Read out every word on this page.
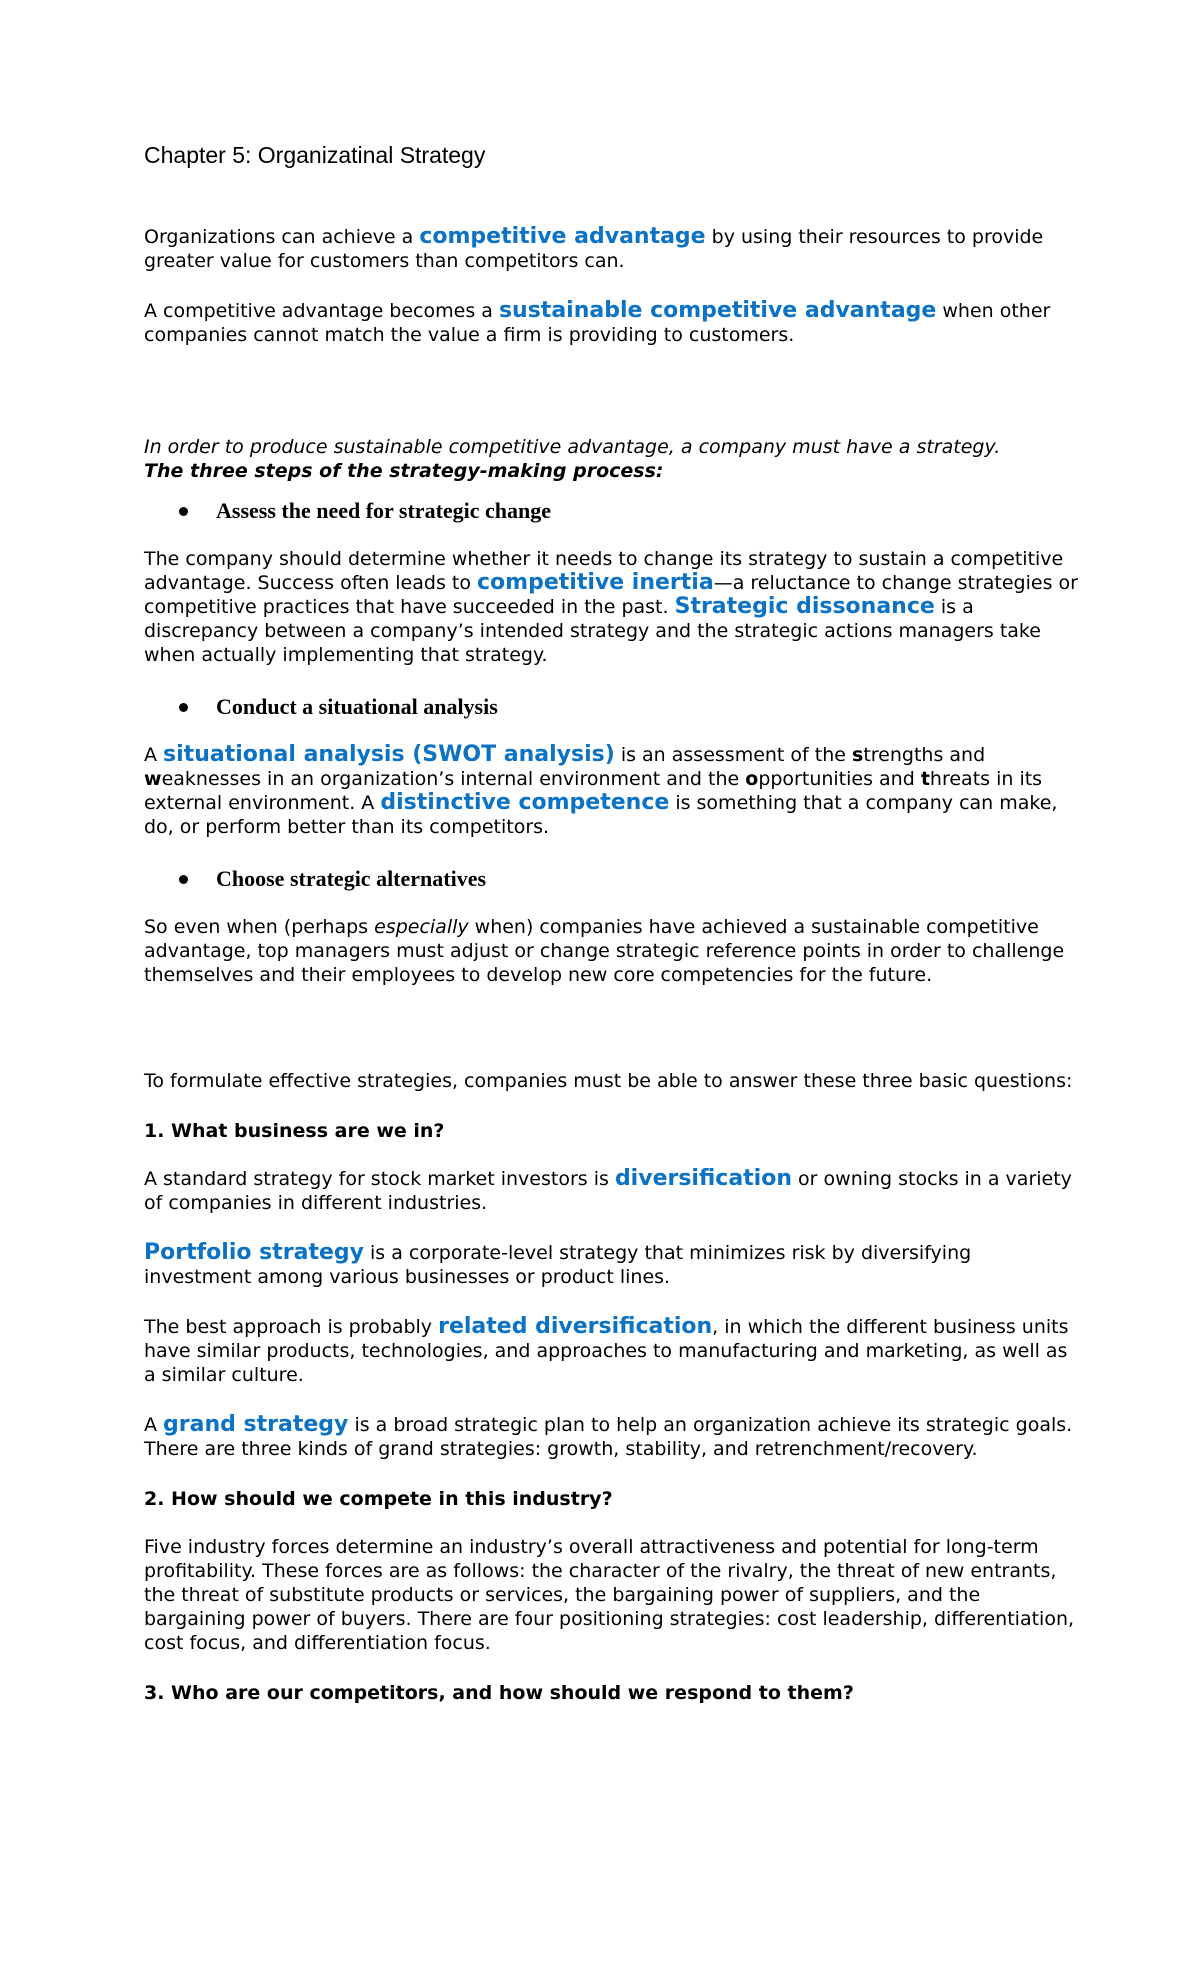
Chapter 5: Organizatinal Strategy

Organizations can achieve a competitive advantage by using their resources to provide greater value for customers than competitors can.

A competitive advantage becomes a sustainable competitive advantage when other companies cannot match the value a firm is providing to customers.

In order to produce sustainable competitive advantage, a company must have a strategy.
The three steps of the strategy-making process:

Assess the need for strategic change

The company should determine whether it needs to change its strategy to sustain a competitive advantage. Success often leads to competitive inertia—a reluctance to change strategies or competitive practices that have succeeded in the past. Strategic dissonance is a discrepancy between a company’s intended strategy and the strategic actions managers take when actually implementing that strategy.

Conduct a situational analysis

A situational analysis (SWOT analysis) is an assessment of the strengths and weaknesses in an organization’s internal environment and the opportunities and threats in its external environment. A distinctive competence is something that a company can make, do, or perform better than its competitors.

Choose strategic alternatives

So even when (perhaps especially when) companies have achieved a sustainable competitive advantage, top managers must adjust or change strategic reference points in order to challenge themselves and their employees to develop new core competencies for the future.

To formulate effective strategies, companies must be able to answer these three basic questions:

1. What business are we in?

A standard strategy for stock market investors is diversification or owning stocks in a variety of companies in different industries.

Portfolio strategy is a corporate-level strategy that minimizes risk by diversifying investment among various businesses or product lines.

The best approach is probably related diversification, in which the different business units have similar products, technologies, and approaches to manufacturing and marketing, as well as a similar culture.

A grand strategy is a broad strategic plan to help an organization achieve its strategic goals. There are three kinds of grand strategies: growth, stability, and retrenchment/recovery.

2. How should we compete in this industry?

Five industry forces determine an industry’s overall attractiveness and potential for long-term profitability. These forces are as follows: the character of the rivalry, the threat of new entrants, the threat of substitute products or services, the bargaining power of suppliers, and the bargaining power of buyers. There are four positioning strategies: cost leadership, differentiation, cost focus, and differentiation focus.

3. Who are our competitors, and how should we respond to them?
